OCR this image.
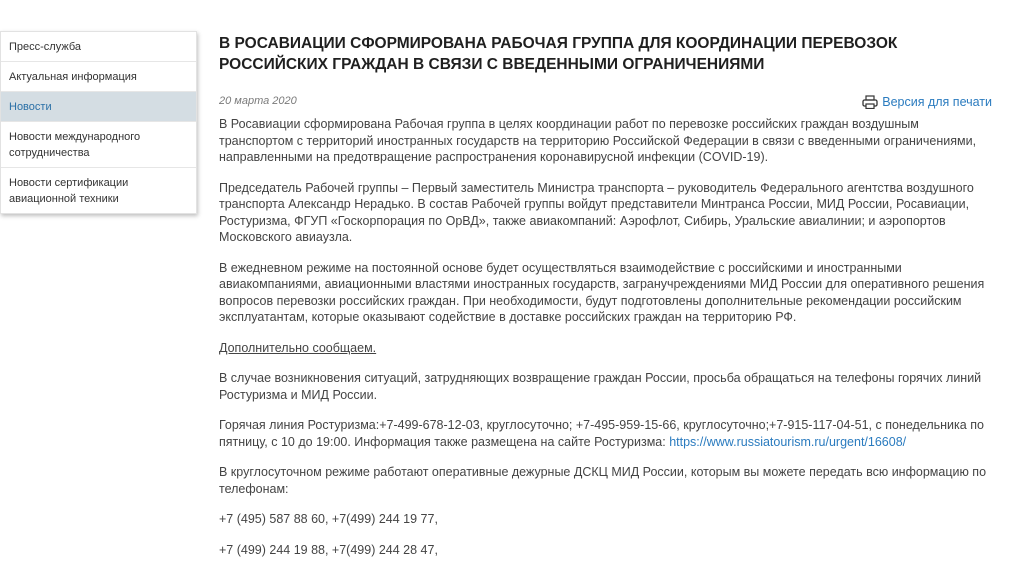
Пресс-служба
Актуальная информация
Новости
Новости международного сотрудничества
Новости сертификации авиационной техники
В РОСАВИАЦИИ СФОРМИРОВАНА РАБОЧАЯ ГРУППА ДЛЯ КООРДИНАЦИИ ПЕРЕВОЗОК РОССИЙСКИХ ГРАЖДАН В СВЯЗИ С ВВЕДЕННЫМИ ОГРАНИЧЕНИЯМИ
20 марта 2020	Версия для печати

В Росавиации сформирована Рабочая группа в целях координации работ по перевозке российских граждан воздушным транспортом с территорий иностранных государств на территорию Российской Федерации в связи с введенными ограничениями, направленными на предотвращение распространения коронавирусной инфекции (COVID-19).

Председатель Рабочей группы – Первый заместитель Министра транспорта – руководитель Федерального агентства воздушного транспорта Александр Нерадько. В состав Рабочей группы войдут представители Минтранса России, МИД России, Росавиации, Ростуризма, ФГУП «Госкорпорация по ОрВД», также авиакомпаний: Аэрофлот, Сибирь, Уральские авиалинии; и аэропортов Московского авиаузла.

В ежедневном режиме на постоянной основе будет осуществляться взаимодействие с российскими и иностранными авиакомпаниями, авиационными властями иностранных государств, загранучреждениями МИД России для оперативного решения вопросов перевозки российских граждан. При необходимости, будут подготовлены дополнительные рекомендации российским эксплуатантам, которые оказывают содействие в доставке российских граждан на территорию РФ.

Дополнительно сообщаем.

В случае возникновения ситуаций, затрудняющих возвращение граждан России, просьба обращаться на телефоны горячих линий Ростуризма и МИД России.

Горячая линия Ростуризма:+7-499-678-12-03, круглосуточно; +7-495-959-15-66, круглосуточно;+7-915-117-04-51, с понедельника по пятницу, с 10 до 19:00. Информация также размещена на сайте Ростуризма: https://www.russiatourism.ru/urgent/16608/

В круглосуточном режиме работают оперативные дежурные ДСКЦ МИД России, которым вы можете передать всю информацию по телефонам:

+7 (495) 587 88 60, +7(499) 244 19 77,

+7 (499) 244 19 88, +7(499) 244 28 47,
